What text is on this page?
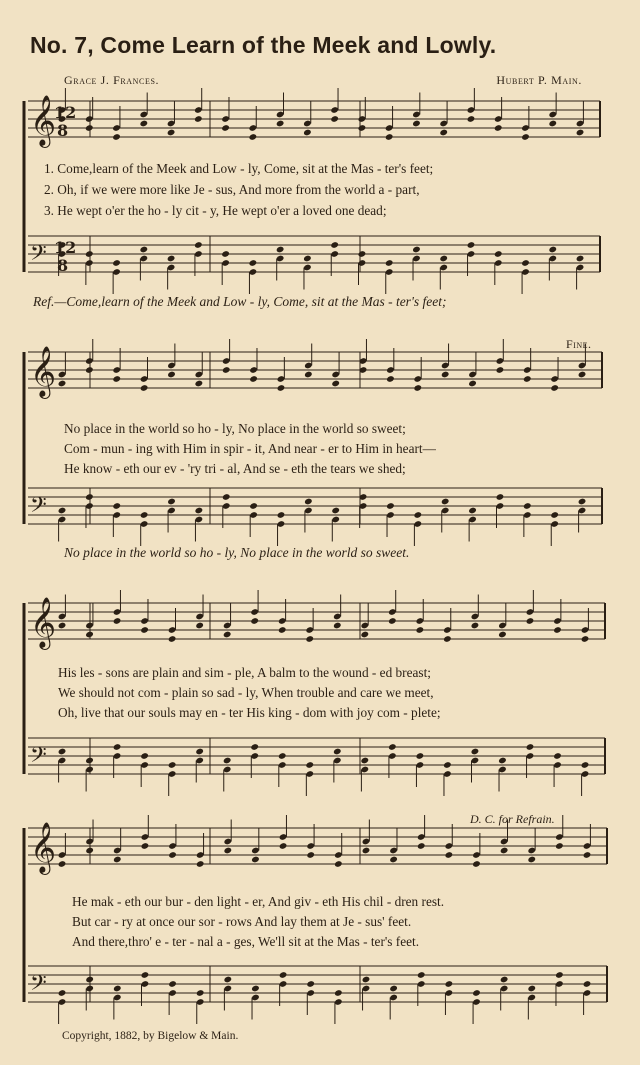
No. 7, Come Learn of the Meek and Lowly.
Grace J. Frances.	Hubert P. Main.
𝄞
𝄢
12
8
12
8
𝄞
𝄢
𝄞
𝄢
𝄞
𝄢
1. Come,learn of the Meek and Low - ly, Come, sit at the Mas - ter's feet;
2. Oh, if we were more like Je - sus, And more from the world a - part,
3. He wept o'er the ho - ly cit - y, He wept o'er a loved one dead;
Ref.—Come,learn of the Meek and Low - ly, Come, sit at the Mas - ter's feet;
Fine.
No place in the world so ho - ly, No place in the world so sweet;
Com - mun - ing with Him in spir - it, And near - er to Him in heart—
He know - eth our ev - 'ry tri - al, And se - eth the tears we shed;
No place in the world so ho - ly, No place in the world so sweet.
His les - sons are plain and sim - ple, A balm to the wound - ed breast;
We should not com - plain so sad - ly, When trouble and care we meet,
Oh, live that our souls may en - ter His king - dom with joy com - plete;
D. C. for Refrain.
He mak - eth our bur - den light - er, And giv - eth His chil - dren rest.
But car - ry at once our sor - rows And lay them at Je - sus' feet.
And there,thro' e - ter - nal a - ges, We'll sit at the Mas - ter's feet.
Copyright, 1882, by Bigelow & Main.
